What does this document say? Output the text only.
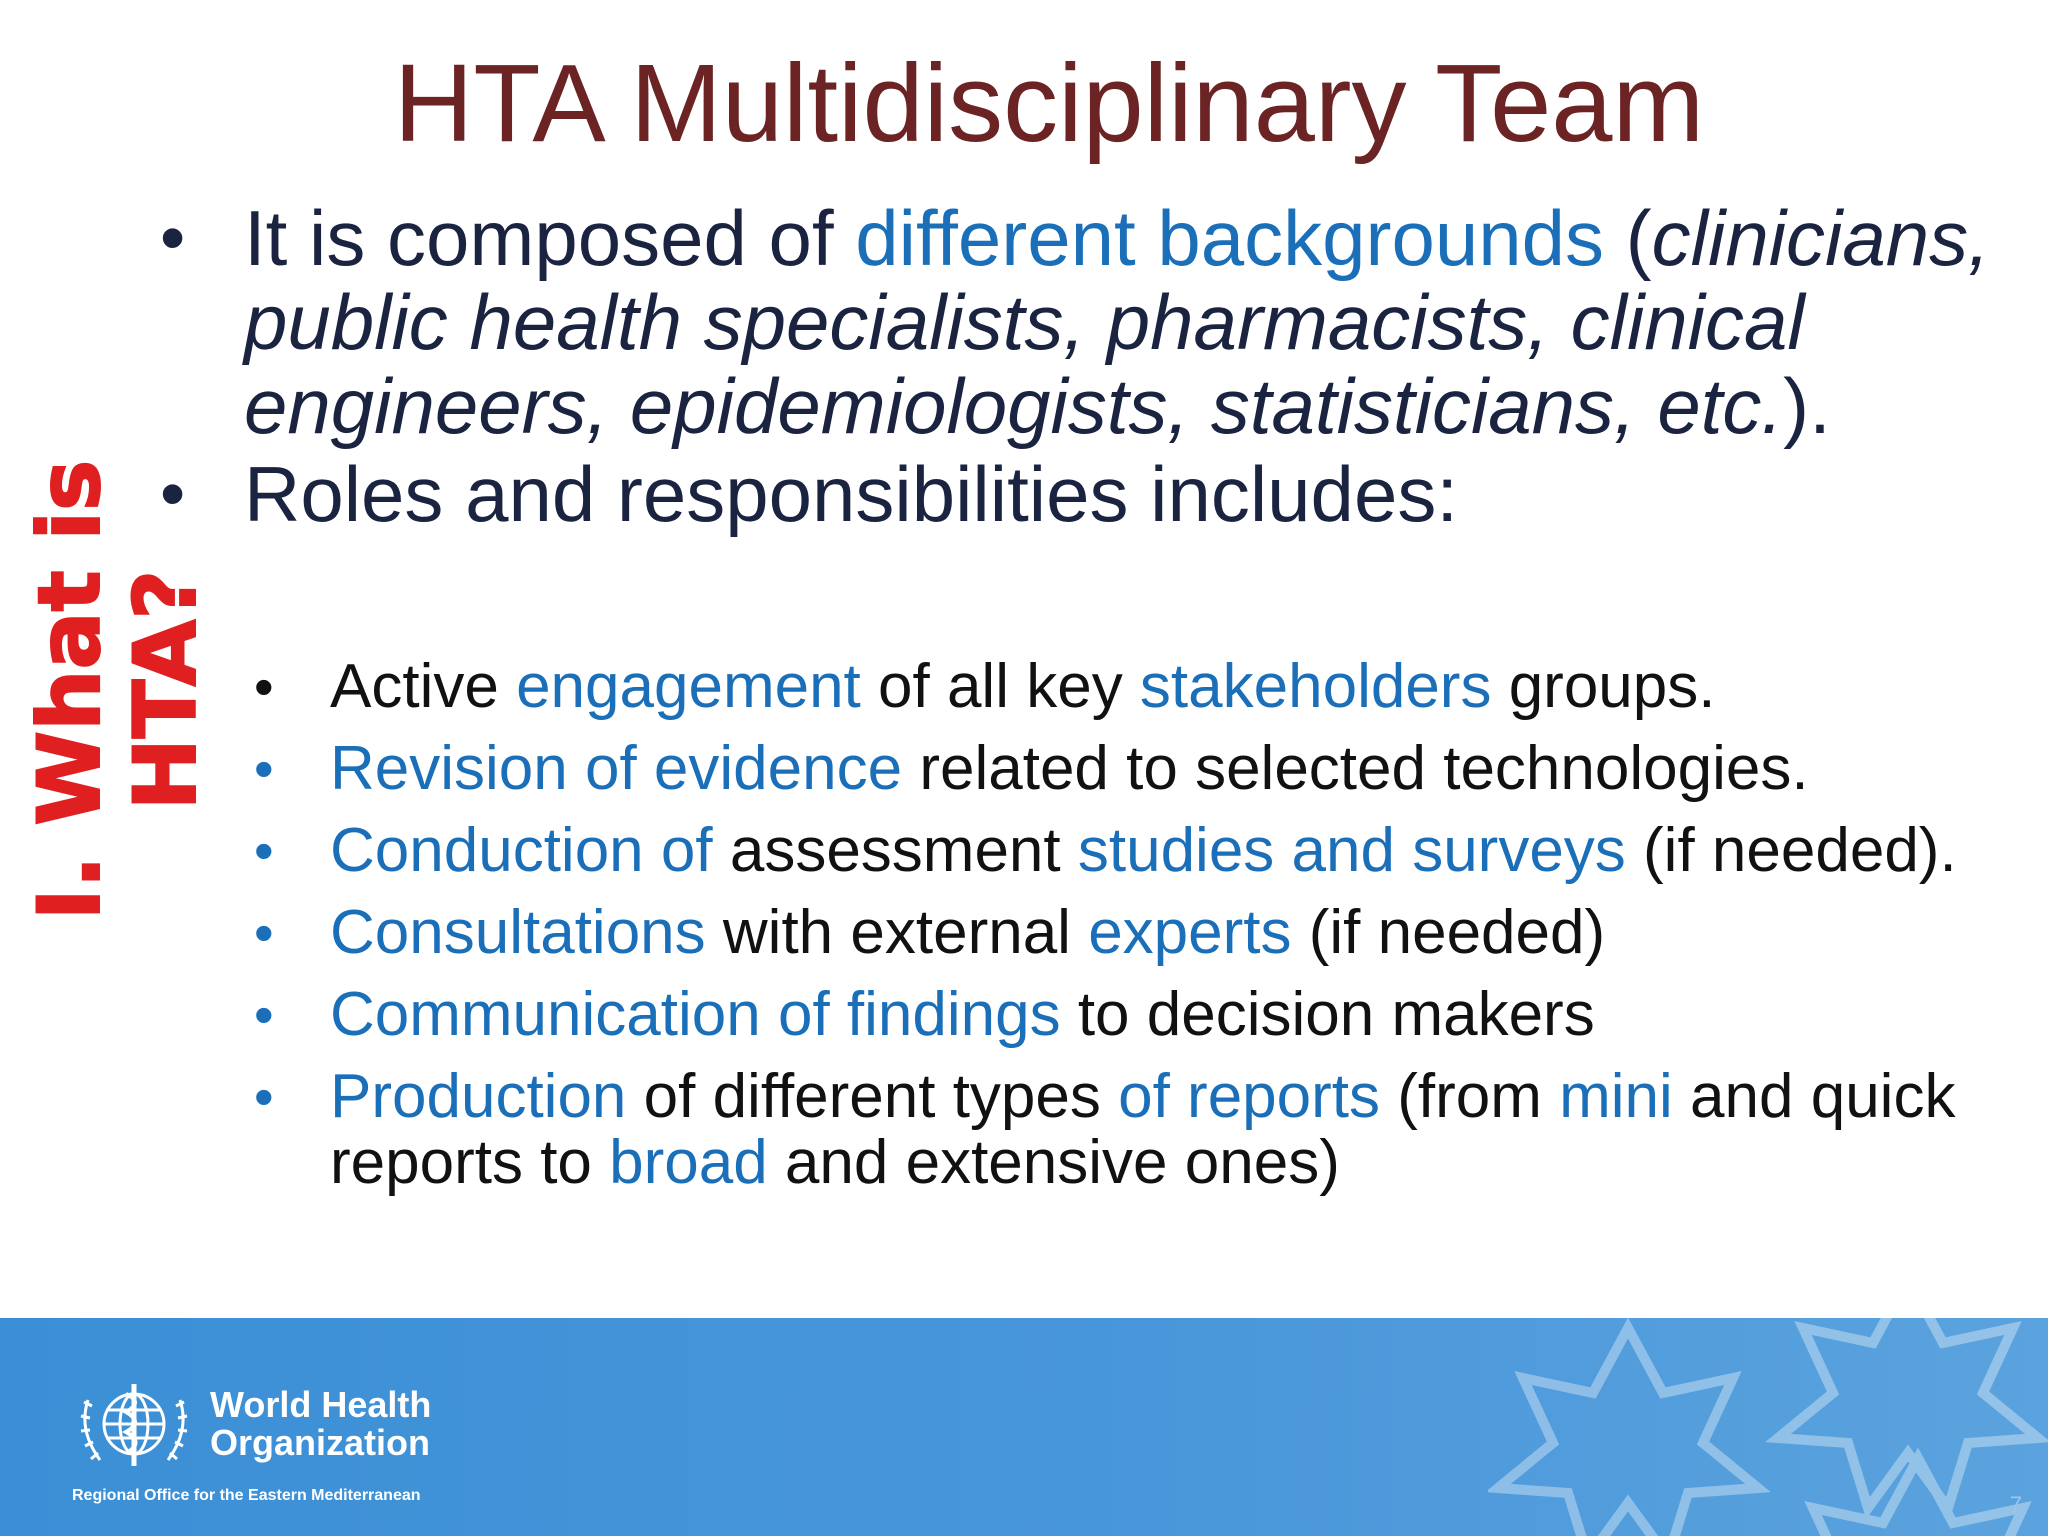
HTA Multidisciplinary Team
I. What is HTA?
• It is composed of different backgrounds (clinicians, public health specialists, pharmacists, clinical engineers, epidemiologists, statisticians, etc.).
• Roles and responsibilities includes:
• Active engagement of all key stakeholders groups.
• Revision of evidence related to selected technologies.
• Conduction of assessment studies and surveys (if needed).
• Consultations with external experts (if needed)
• Communication of findings to decision makers
• Production of different types of reports (from mini and quick reports to broad and extensive ones)
World Health
Organization
Regional Office for the Eastern Mediterranean	7
